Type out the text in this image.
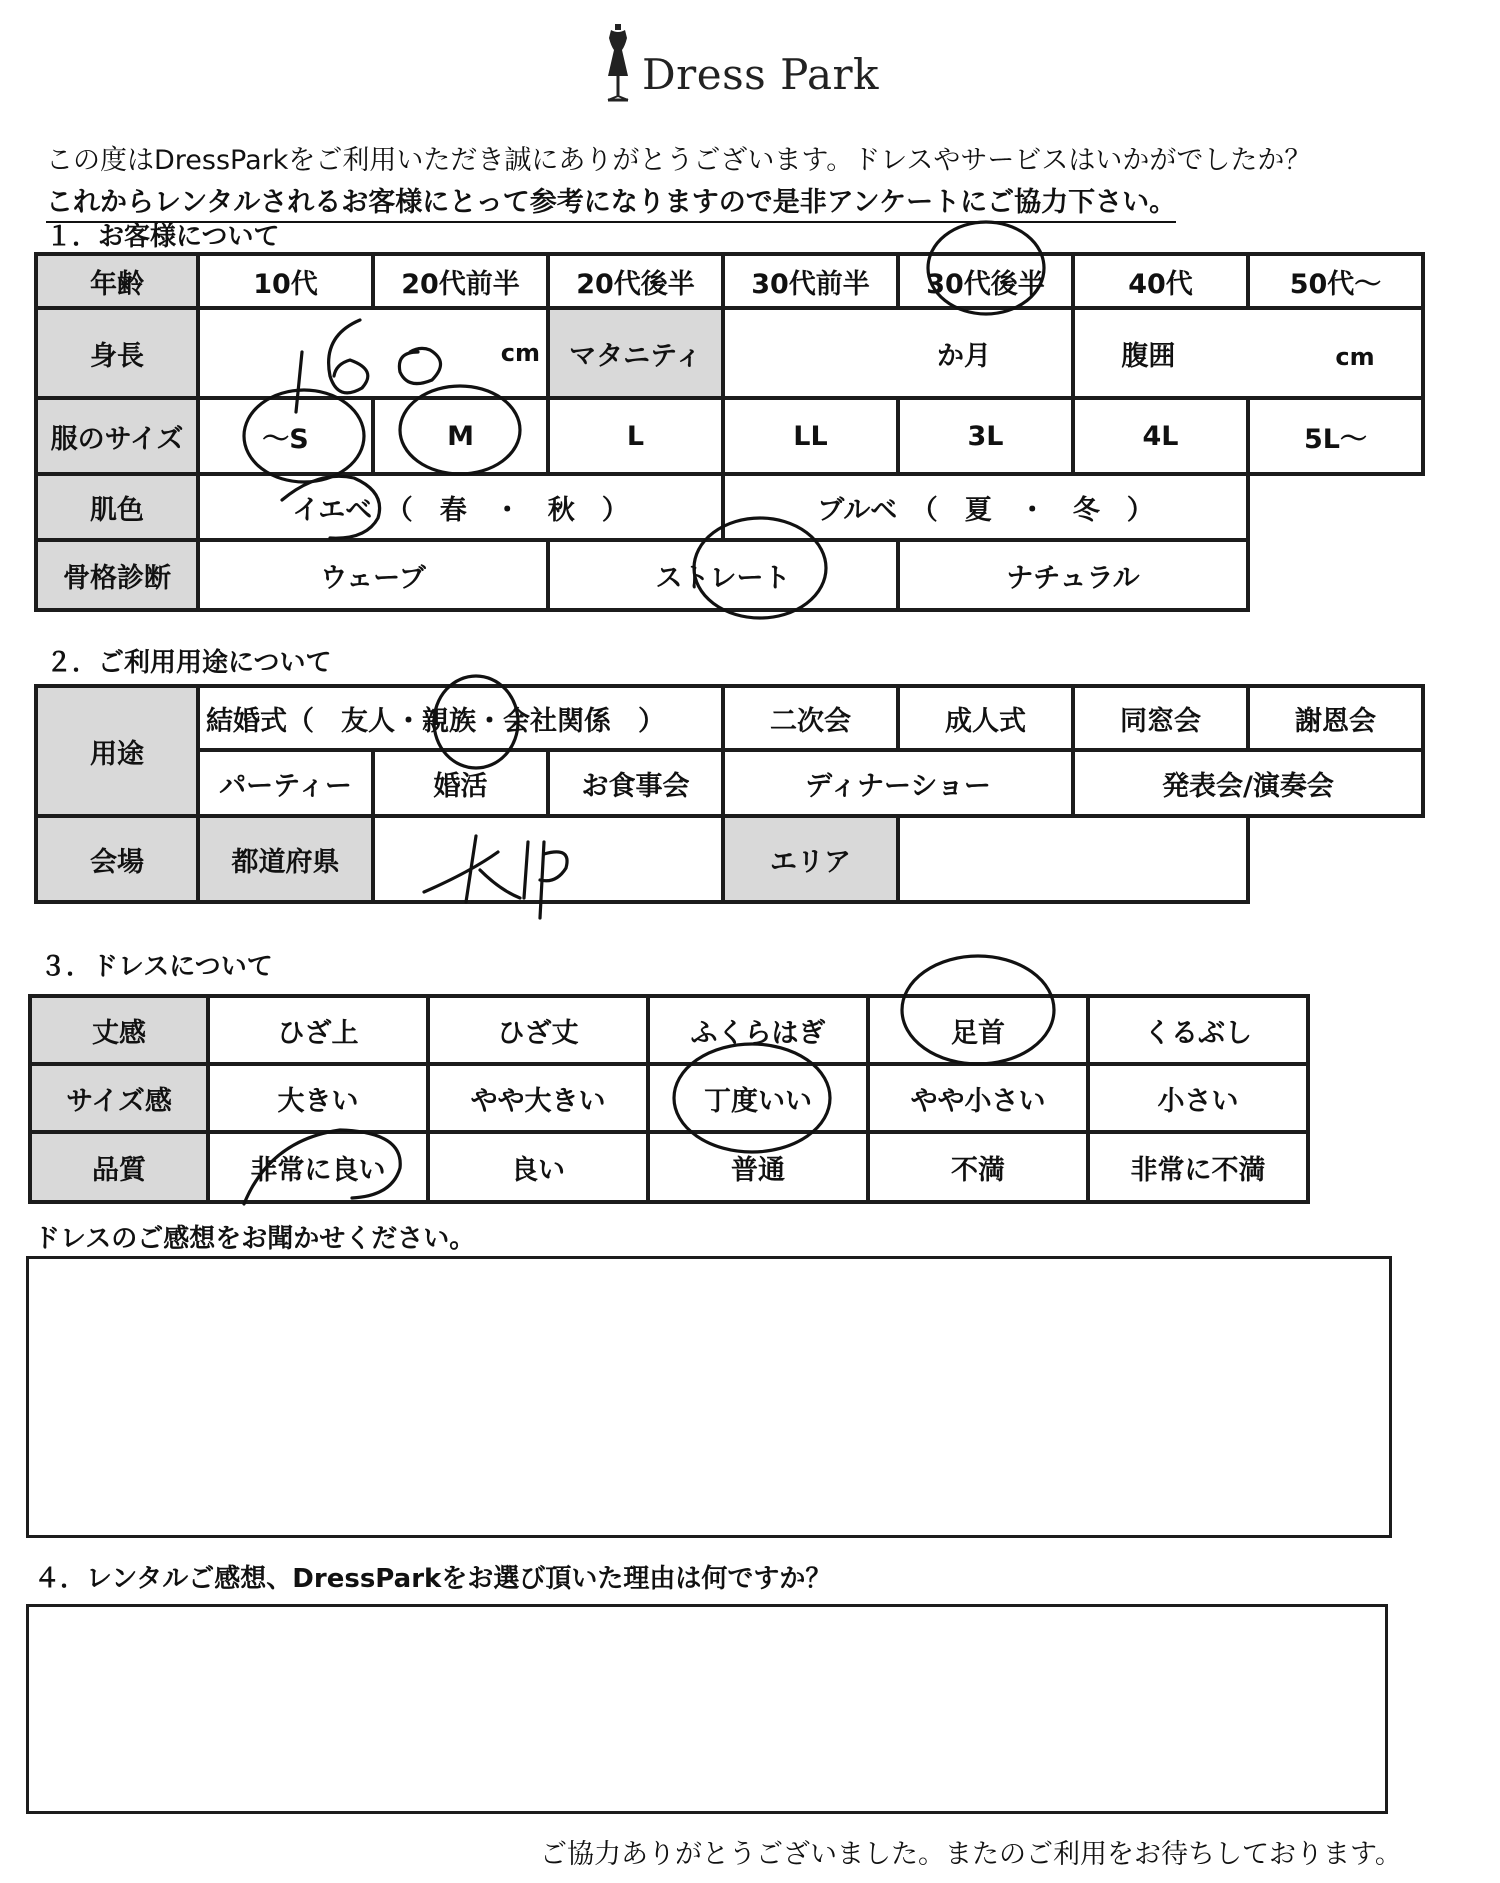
Dress Park
この度はDressParkをご利用いただき誠にありがとうございます。ドレスやサービスはいかがでしたか？
これからレンタルされるお客様にとって参考になりますので是非アンケートにご協力下さい。
１．お客様について
年齢	10代	20代前半	20代後半	30代前半	30代後半	40代	50代～
身長	cm		マタニティ	か月		腹囲 cm	
服のサイズ	～S	M	L	LL	3L	4L	5L～
肌色	イエベ　（　春　・　秋　）			ブルベ　（　夏　・　冬　）			
骨格診断	ウェーブ		ストレート		ナチュラル		
２．ご利用用途について
用途	結婚式（　友人・親族・会社関係　）			二次会	成人式	同窓会	謝恩会
	パーティー	婚活	お食事会	ディナーショー		発表会/演奏会	
会場	都道府県			エリア			
３．ドレスについて
丈感	ひざ上	ひざ丈	ふくらはぎ	足首	くるぶし
サイズ感	大きい	やや大きい	丁度いい	やや小さい	小さい
品質	非常に良い	良い	普通	不満	非常に不満
ドレスのご感想をお聞かせください。
４．レンタルご感想、DressParkをお選び頂いた理由は何ですか？
ご協力ありがとうございました。またのご利用をお待ちしております。
